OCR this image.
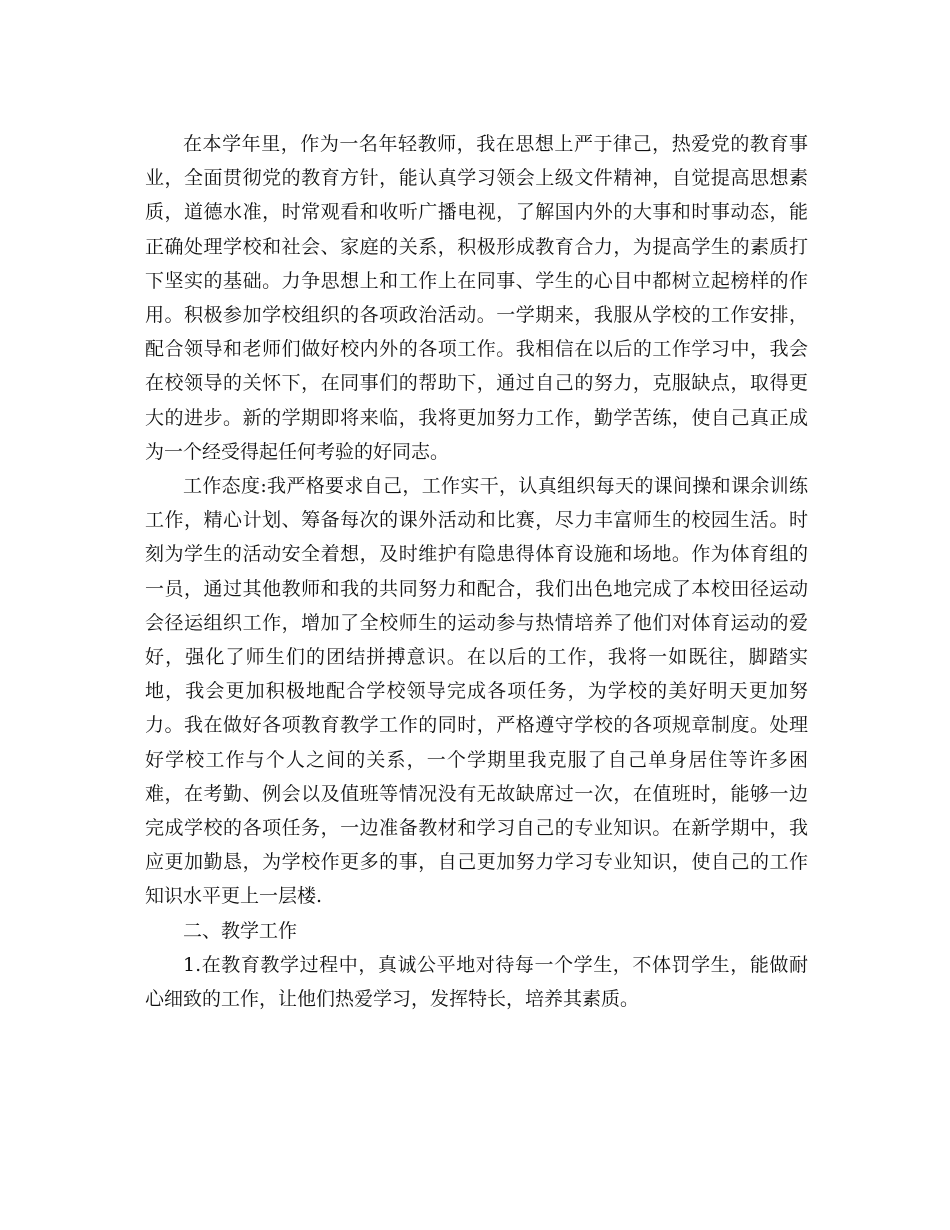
在本学年里，作为一名年轻教师，我在思想上严于律己，热爱党的教育事业，全面贯彻党的教育方针，能认真学习领会上级文件精神，自觉提高思想素质，道德水准，时常观看和收听广播电视，了解国内外的大事和时事动态，能正确处理学校和社会、家庭的关系，积极形成教育合力，为提高学生的素质打下坚实的基础。力争思想上和工作上在同事、学生的心目中都树立起榜样的作用。积极参加学校组织的各项政治活动。一学期来，我服从学校的工作安排，配合领导和老师们做好校内外的各项工作。我相信在以后的工作学习中，我会在校领导的关怀下，在同事们的帮助下，通过自己的努力，克服缺点，取得更大的进步。新的学期即将来临，我将更加努力工作，勤学苦练，使自己真正成为一个经受得起任何考验的好同志。

工作态度:我严格要求自己，工作实干，认真组织每天的课间操和课余训练工作，精心计划、筹备每次的课外活动和比赛，尽力丰富师生的校园生活。时刻为学生的活动安全着想，及时维护有隐患得体育设施和场地。作为体育组的一员，通过其他教师和我的共同努力和配合，我们出色地完成了本校田径运动会径运组织工作，增加了全校师生的运动参与热情培养了他们对体育运动的爱好，强化了师生们的团结拼搏意识。在以后的工作，我将一如既往，脚踏实地，我会更加积极地配合学校领导完成各项任务，为学校的美好明天更加努力。我在做好各项教育教学工作的同时，严格遵守学校的各项规章制度。处理好学校工作与个人之间的关系，一个学期里我克服了自己单身居住等许多困难，在考勤、例会以及值班等情况没有无故缺席过一次，在值班时，能够一边完成学校的各项任务，一边准备教材和学习自己的专业知识。在新学期中，我应更加勤恳，为学校作更多的事，自己更加努力学习专业知识，使自己的工作知识水平更上一层楼.

二、教学工作

1.在教育教学过程中，真诚公平地对待每一个学生，不体罚学生，能做耐心细致的工作，让他们热爱学习，发挥特长，培养其素质。
